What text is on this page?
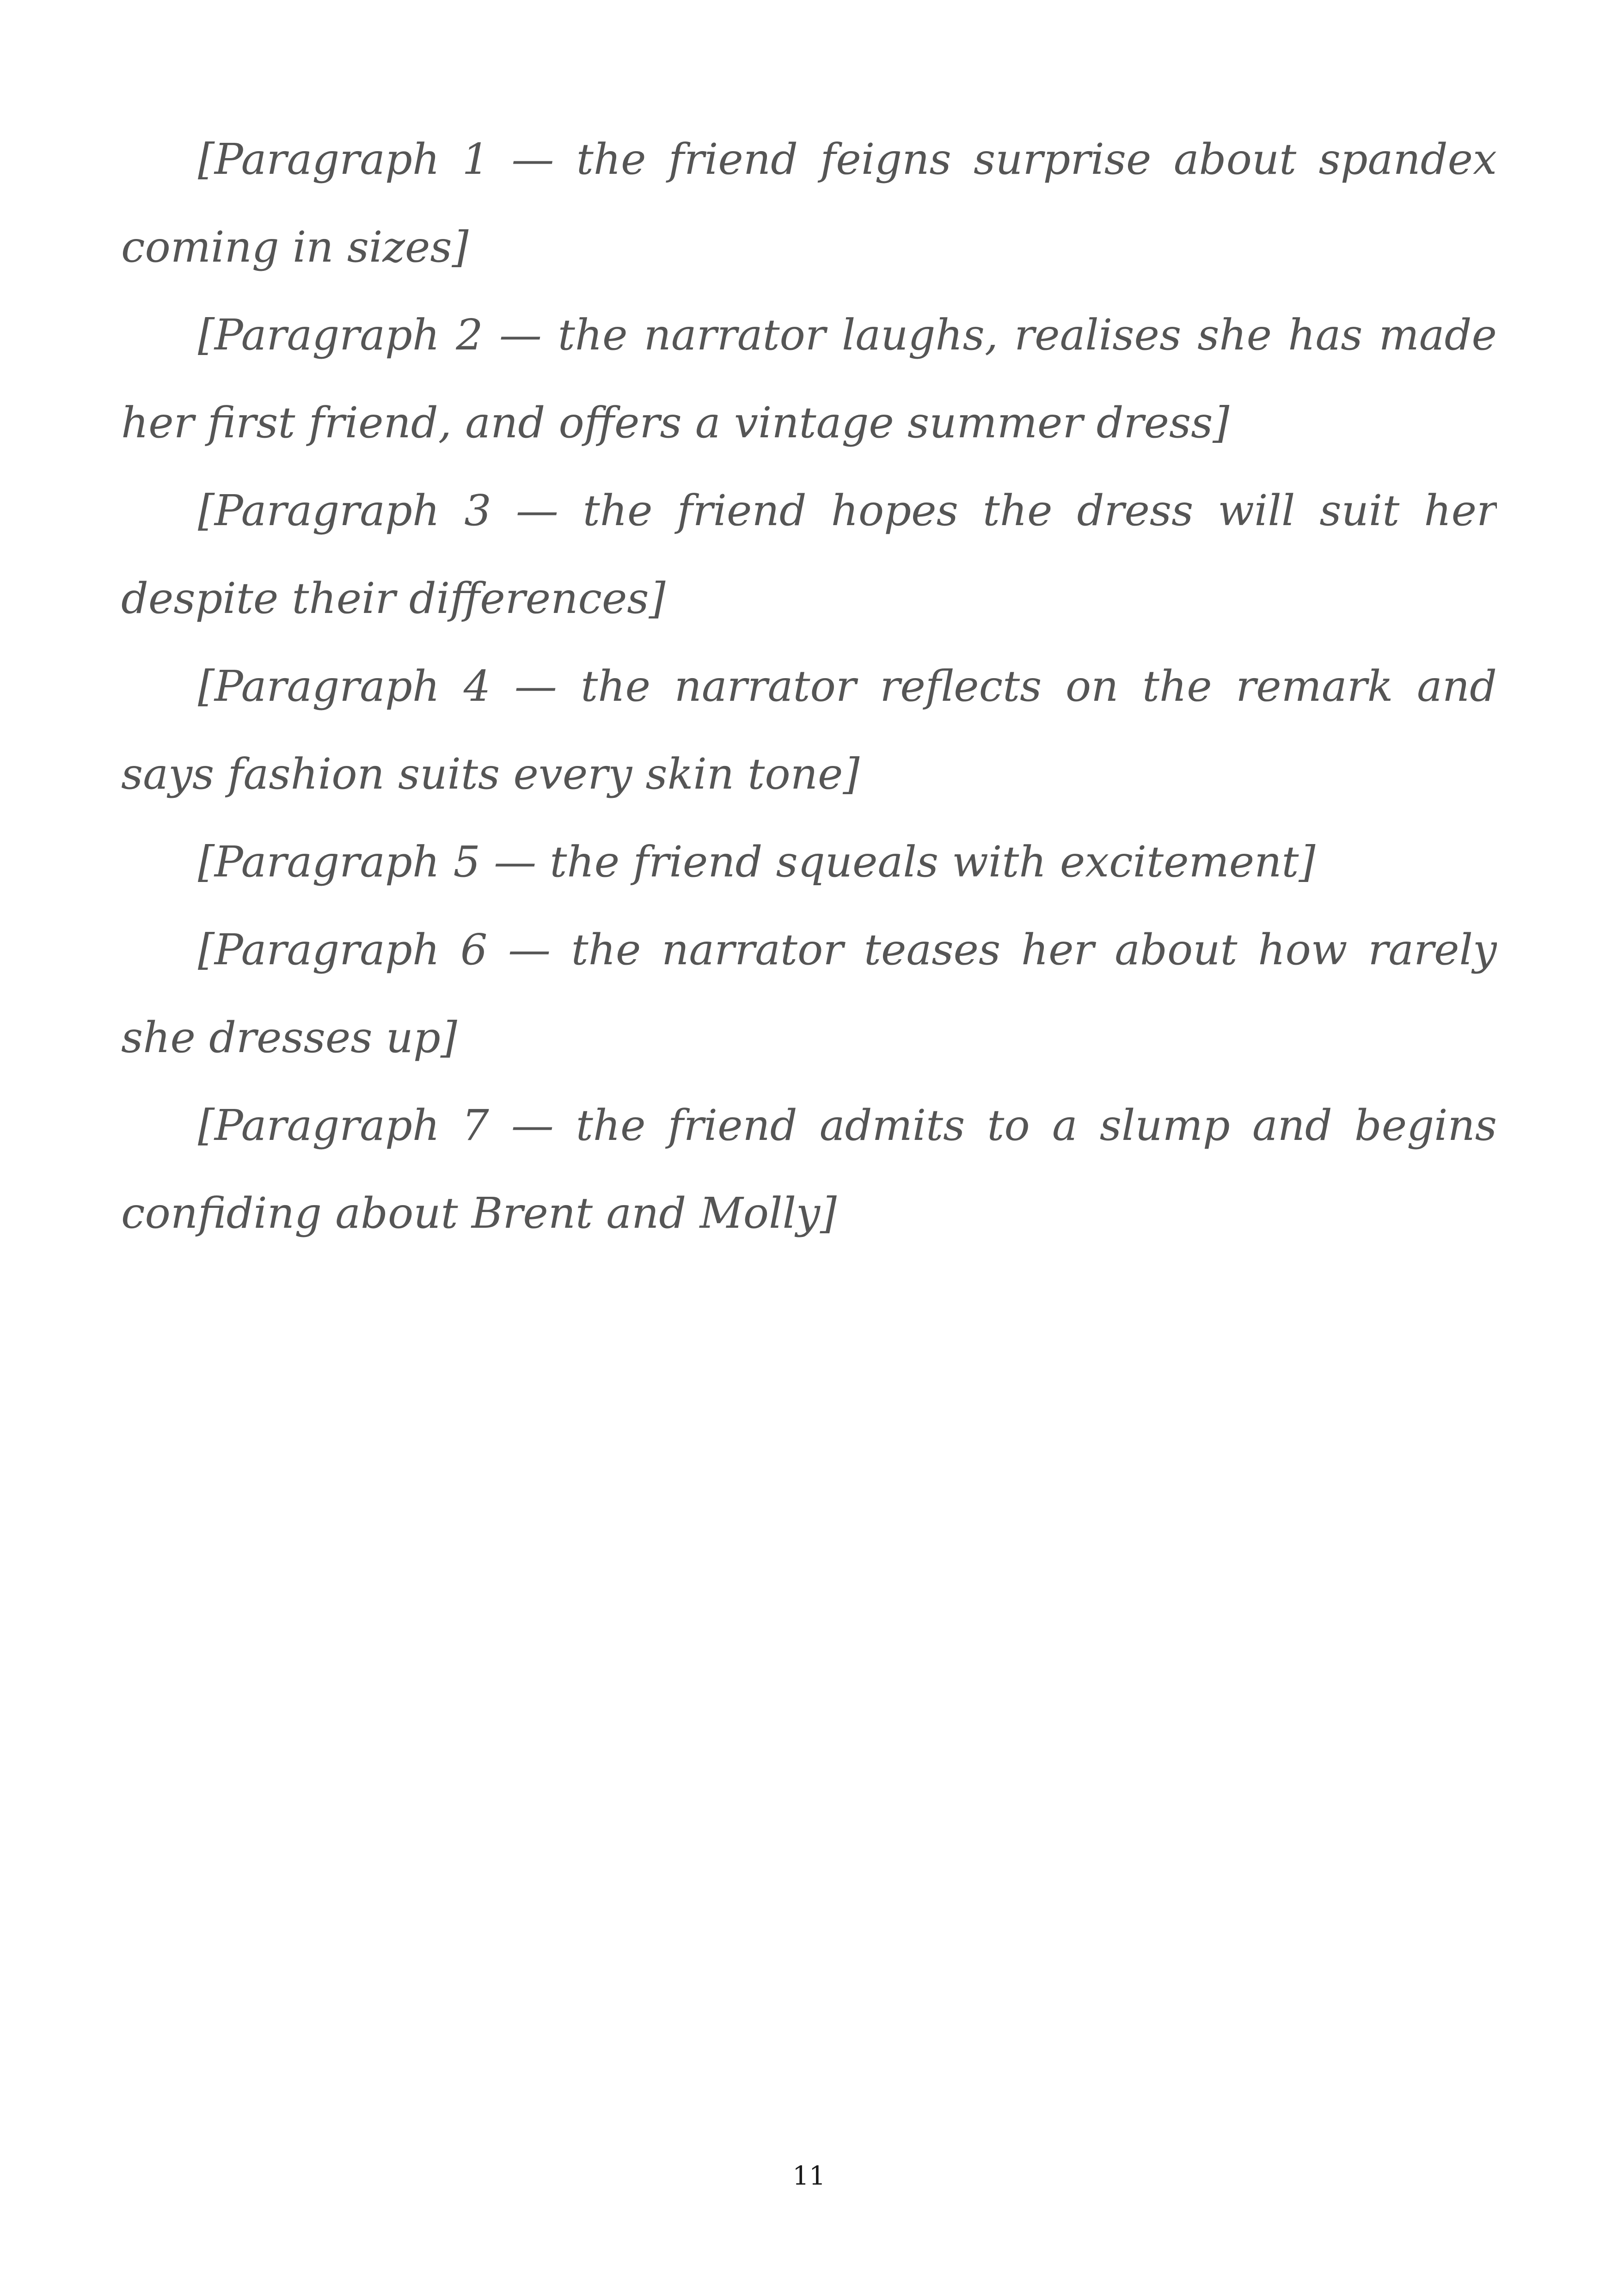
[Paragraph 1 — the friend feigns surprise about spandex coming in sizes]

[Paragraph 2 — the narrator laughs, realises she has made her first friend, and offers a vintage summer dress]

[Paragraph 3 — the friend hopes the dress will suit her despite their differences]

[Paragraph 4 — the narrator reflects on the remark and says fashion suits every skin tone]

[Paragraph 5 — the friend squeals with excitement]

[Paragraph 6 — the narrator teases her about how rarely she dresses up]

[Paragraph 7 — the friend admits to a slump and begins confiding about Brent and Molly]

11
